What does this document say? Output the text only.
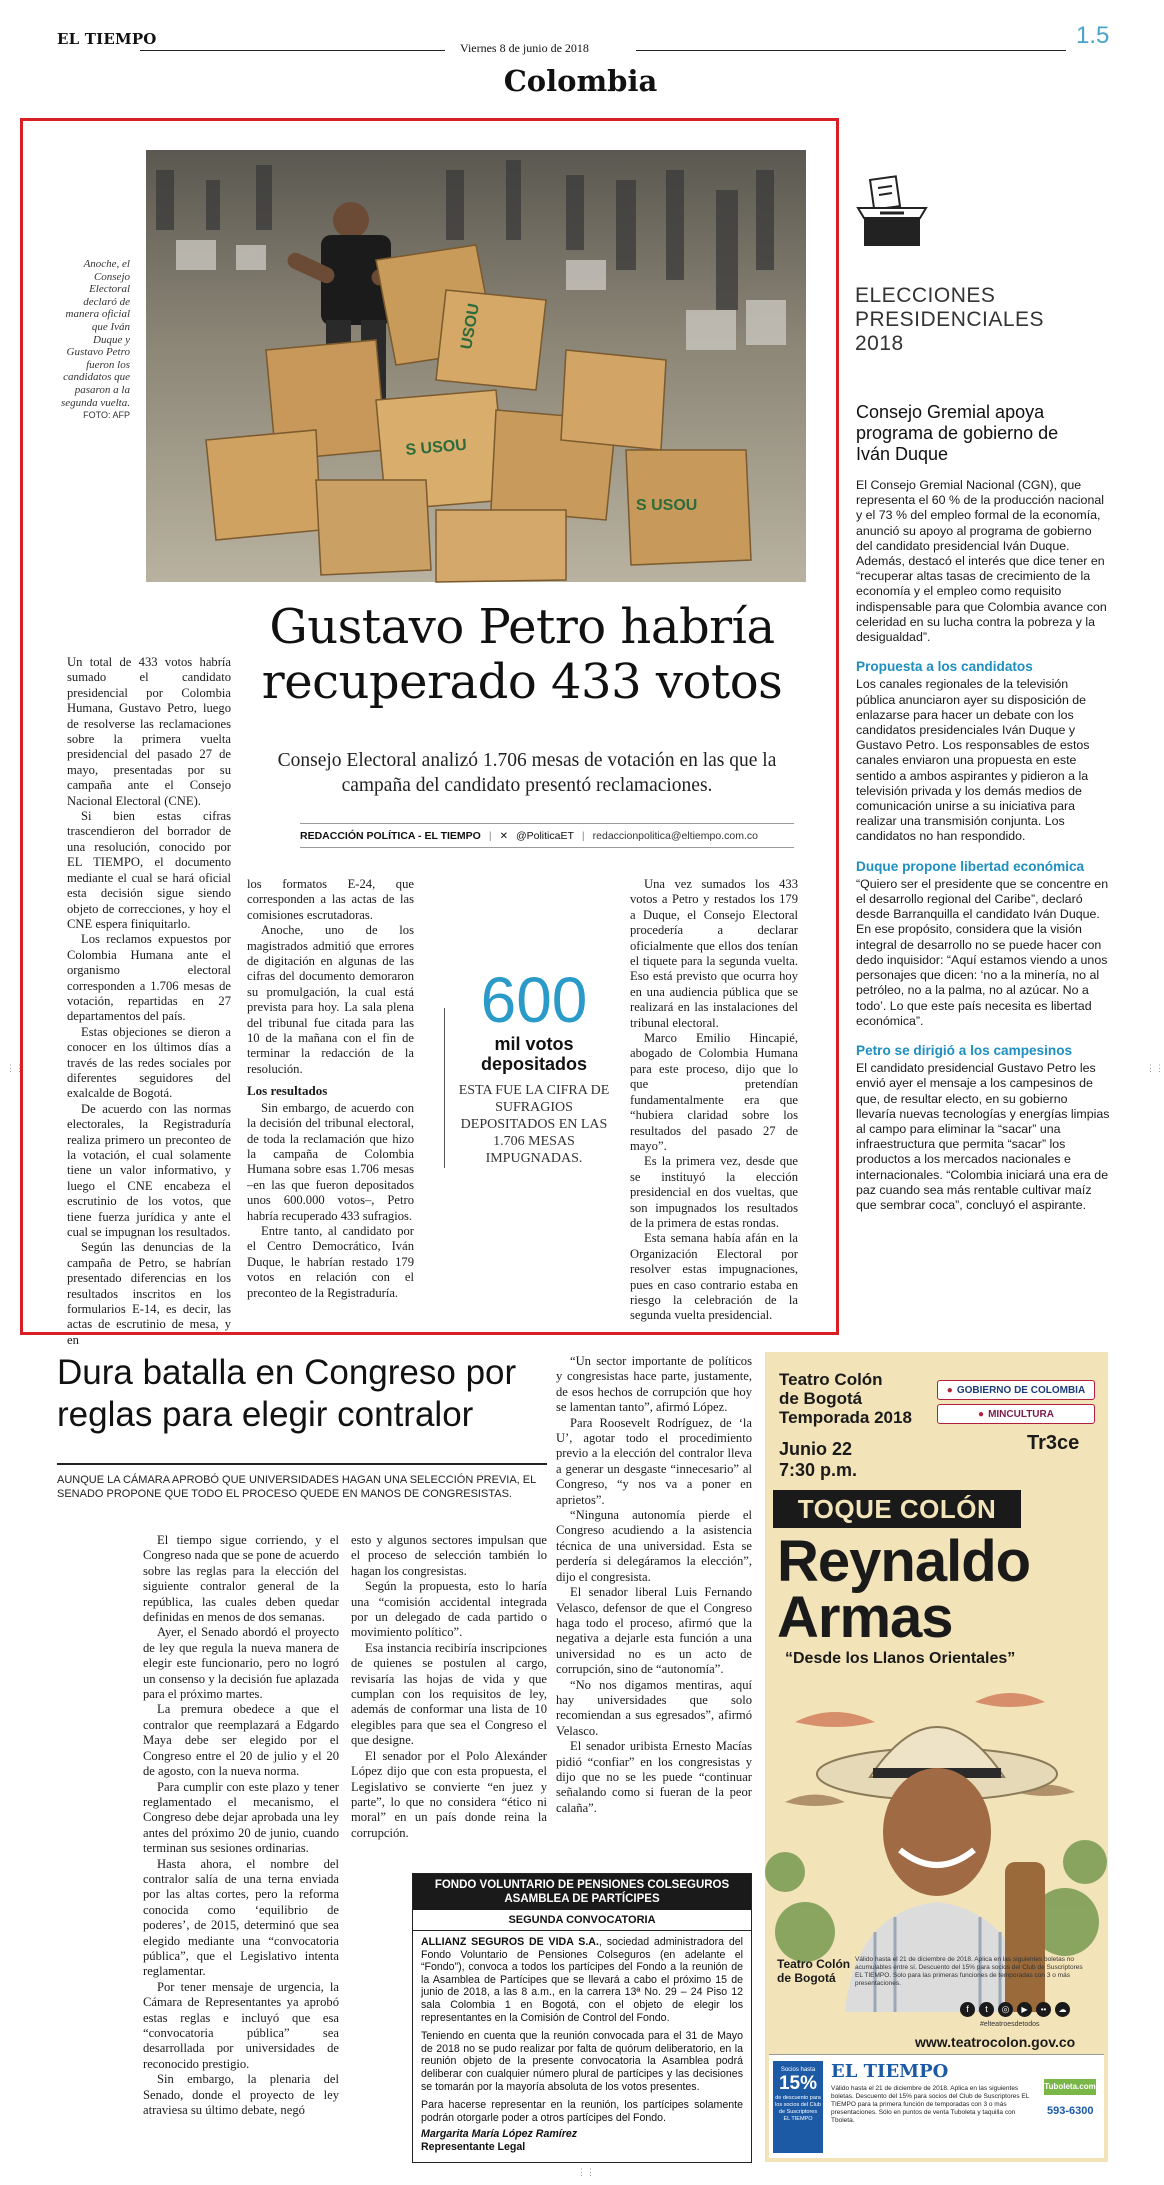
EL TIEMPO	Viernes 8 de junio de 2018	1.5
Colombia
Anoche, el Consejo Electoral declaró de manera oficial que Iván Duque y Gustavo Petro fueron los candidatos que pasaron a la segunda vuelta.
FOTO: AFP
USOU
S USOU
S USOU
Gustavo Petro habría
recuperado 433 votos
Consejo Electoral analizó 1.706 mesas de votación en las que la campaña del candidato presentó reclamaciones.
REDACCIÓN POLÍTICA - EL TIEMPO | ✕ @PoliticaET | redaccionpolitica@eltiempo.com.co

Un total de 433 votos habría sumado el candidato presidencial por Colombia Humana, Gustavo Petro, luego de resolverse las reclamaciones sobre la primera vuelta presidencial del pasado 27 de mayo, presentadas por su campaña ante el Consejo Nacional Electoral (CNE).

Si bien estas cifras trascendieron del borrador de una resolución, conocido por EL TIEMPO, el documento mediante el cual se hará oficial esta decisión sigue siendo objeto de correcciones, y hoy el CNE espera finiquitarlo.

Los reclamos expuestos por Colombia Humana ante el organismo electoral corresponden a 1.706 mesas de votación, repartidas en 27 departamentos del país.

Estas objeciones se dieron a conocer en los últimos días a través de las redes sociales por diferentes seguidores del exalcalde de Bogotá.

De acuerdo con las normas electorales, la Registraduría realiza primero un preconteo de la votación, el cual solamente tiene un valor informativo, y luego el CNE encabeza el escrutinio de los votos, que tiene fuerza jurídica y ante el cual se impugnan los resultados.

Según las denuncias de la campaña de Petro, se habrían presentado diferencias en los resultados inscritos en los formularios E-14, es decir, las actas de escrutinio de mesa, y en

los formatos E-24, que corresponden a las actas de las comisiones escrutadoras.

Anoche, uno de los magistrados admitió que errores de digitación en algunas de las cifras del documento demoraron su promulgación, la cual está prevista para hoy. La sala plena del tribunal fue citada para las 10 de la mañana con el fin de terminar la redacción de la resolución.

Los resultados

Sin embargo, de acuerdo con la decisión del tribunal electoral, de toda la reclamación que hizo la campaña de Colombia Humana sobre esas 1.706 mesas –en las que fueron depositados unos 600.000 votos–, Petro habría recuperado 433 sufragios.

Entre tanto, al candidato por el Centro Democrático, Iván Duque, le habrían restado 179 votos en relación con el preconteo de la Registraduría.

600
mil votos depositados
ESTA FUE LA CIFRA DE SUFRAGIOS DEPOSITADOS EN LAS 1.706 MESAS IMPUGNADAS.

Una vez sumados los 433 votos a Petro y restados los 179 a Duque, el Consejo Electoral procedería a declarar oficialmente que ellos dos tenían el tiquete para la segunda vuelta. Eso está previsto que ocurra hoy en una audiencia pública que se realizará en las instalaciones del tribunal electoral.

Marco Emilio Hincapié, abogado de Colombia Humana para este proceso, dijo que lo que pretendían fundamentalmente era que “hubiera claridad sobre los resultados del pasado 27 de mayo”.

Es la primera vez, desde que se instituyó la elección presidencial en dos vueltas, que son impugnados los resultados de la primera de estas rondas.

Esta semana había afán en la Organización Electoral por resolver estas impugnaciones, pues en caso contrario estaba en riesgo la celebración de la segunda vuelta presidencial.

ELECCIONES
PRESIDENCIALES
2018
Consejo Gremial apoya programa de gobierno de Iván Duque

El Consejo Gremial Nacional (CGN), que representa el 60 % de la producción nacional y el 73 % del empleo formal de la economía, anunció su apoyo al programa de gobierno del candidato presidencial Iván Duque. Además, destacó el interés que dice tener en “recuperar altas tasas de crecimiento de la economía y el empleo como requisito indispensable para que Colombia avance con celeridad en su lucha contra la pobreza y la desigualdad”.

Propuesta a los candidatos

Los canales regionales de la televisión pública anunciaron ayer su disposición de enlazarse para hacer un debate con los candidatos presidenciales Iván Duque y Gustavo Petro. Los responsables de estos canales enviaron una propuesta en este sentido a ambos aspirantes y pidieron a la televisión privada y los demás medios de comunicación unirse a su iniciativa para realizar una transmisión conjunta. Los candidatos no han respondido.

Duque propone libertad económica

“Quiero ser el presidente que se concentre en el desarrollo regional del Caribe”, declaró desde Barranquilla el candidato Iván Duque. En ese propósito, considera que la visión integral de desarrollo no se puede hacer con dedo inquisidor: “Aquí estamos viendo a unos personajes que dicen: ‘no a la minería, no al petróleo, no a la palma, no al azúcar. No a todo’. Lo que este país necesita es libertad económica”.

Petro se dirigió a los campesinos

El candidato presidencial Gustavo Petro les envió ayer el mensaje a los campesinos de que, de resultar electo, en su gobierno llevaría nuevas tecnologías y energías limpias al campo para eliminar la “sacar” una infraestructura que permita “sacar” los productos a los mercados nacionales e internacionales. “Colombia iniciará una era de paz cuando sea más rentable cultivar maíz que sembrar coca”, concluyó el aspirante.

Dura batalla en Congreso por
reglas para elegir contralor
AUNQUE LA CÁMARA APROBÓ QUE UNIVERSIDADES HAGAN UNA SELECCIÓN PREVIA, EL SENADO PROPONE QUE TODO EL PROCESO QUEDE EN MANOS DE CONGRESISTAS.

El tiempo sigue corriendo, y el Congreso nada que se pone de acuerdo sobre las reglas para la elección del siguiente contralor general de la república, las cuales deben quedar definidas en menos de dos semanas.

Ayer, el Senado abordó el proyecto de ley que regula la nueva manera de elegir este funcionario, pero no logró un consenso y la decisión fue aplazada para el próximo martes.

La premura obedece a que el contralor que reemplazará a Edgardo Maya debe ser elegido por el Congreso entre el 20 de julio y el 20 de agosto, con la nueva norma.

Para cumplir con este plazo y tener reglamentado el mecanismo, el Congreso debe dejar aprobada una ley antes del próximo 20 de junio, cuando terminan sus sesiones ordinarias.

Hasta ahora, el nombre del contralor salía de una terna enviada por las altas cortes, pero la reforma conocida como ‘equilibrio de poderes’, de 2015, determinó que sea elegido mediante una “convocatoria pública”, que el Legislativo intenta reglamentar.

Por tener mensaje de urgencia, la Cámara de Representantes ya aprobó estas reglas e incluyó que esa “convocatoria pública” sea desarrollada por universidades de reconocido prestigio.

Sin embargo, la plenaria del Senado, donde el proyecto de ley atraviesa su último debate, negó

esto y algunos sectores impulsan que el proceso de selección también lo hagan los congresistas.

Según la propuesta, esto lo haría una “comisión accidental integrada por un delegado de cada partido o movimiento político”.

Esa instancia recibiría inscripciones de quienes se postulen al cargo, revisaría las hojas de vida y que cumplan con los requisitos de ley, además de conformar una lista de 10 elegibles para que sea el Congreso el que designe.

El senador por el Polo Alexánder López dijo que con esta propuesta, el Legislativo se convierte “en juez y parte”, lo que no considera “ético ni moral” en un país donde reina la corrupción.

“Un sector importante de políticos y congresistas hace parte, justamente, de esos hechos de corrupción que hoy se lamentan tanto”, afirmó López.

Para Roosevelt Rodríguez, de ‘la U’, agotar todo el procedimiento previo a la elección del contralor lleva a generar un desgaste “innecesario” al Congreso, “y nos va a poner en aprietos”.

“Ninguna autonomía pierde el Congreso acudiendo a la asistencia técnica de una universidad. Esta se perdería si delegáramos la elección”, dijo el congresista.

El senador liberal Luis Fernando Velasco, defensor de que el Congreso haga todo el proceso, afirmó que la negativa a dejarle esta función a una universidad no es un acto de corrupción, sino de “autonomía”.

“No nos digamos mentiras, aquí hay universidades que solo recomiendan a sus egresados”, afirmó Velasco.

El senador uribista Ernesto Macías pidió “confiar” en los congresistas y dijo que no se les puede “continuar señalando como si fueran de la peor calaña”.

FONDO VOLUNTARIO DE PENSIONES COLSEGUROS
ASAMBLEA DE PARTÍCIPES
SEGUNDA CONVOCATORIA

ALLIANZ SEGUROS DE VIDA S.A., sociedad administradora del Fondo Voluntario de Pensiones Colseguros (en adelante el “Fondo”), convoca a todos los partícipes del Fondo a la reunión de la Asamblea de Partícipes que se llevará a cabo el próximo 15 de junio de 2018, a las 8 a.m., en la carrera 13ª No. 29 – 24 Piso 12 sala Colombia 1 en Bogotá, con el objeto de elegir los representantes en la Comisión de Control del Fondo.

Teniendo en cuenta que la reunión convocada para el 31 de Mayo de 2018 no se pudo realizar por falta de quórum deliberatorio, en la reunión objeto de la presente convocatoria la Asamblea podrá deliberar con cualquier número plural de partícipes y las decisiones se tomarán por la mayoría absoluta de los votos presentes.

Para hacerse representar en la reunión, los partícipes solamente podrán otorgarle poder a otros partícipes del Fondo.

Margarita María López Ramírez
Representante Legal
Teatro Colón
de Bogotá
Temporada 2018
● GOBIERNO DE COLOMBIA
● MINCULTURA
Tr3ce
Junio 22
7:30 p.m.
TOQUE COLÓN
Reynaldo
Armas
“Desde los Llanos Orientales”
Teatro Colón
de Bogotá
Válido hasta el 21 de diciembre de 2018. Aplica en las siguientes boletas no acumulables entre sí. Descuento del 15% para socios del Club de Suscriptores EL TIEMPO. Solo para las primeras funciones de temporadas con 3 o más presentaciones.
f	t	◎	▶	••	☁
#elteatroesdetodos
www.teatrocolon.gov.co
Socios hasta
15%
de descuento para los socios del Club de Suscriptores EL TIEMPO
EL TIEMPO
Válido hasta el 21 de diciembre de 2018. Aplica en las siguientes boletas. Descuento del 15% para socios del Club de Suscriptores EL TIEMPO para la primera función de temporadas con 3 o más presentaciones. Sólo en puntos de venta Tuboleta y taquilla con Tboleta.
Tuboleta.com
593-6300
⋮⋮	⋮⋮
⋮⋮
